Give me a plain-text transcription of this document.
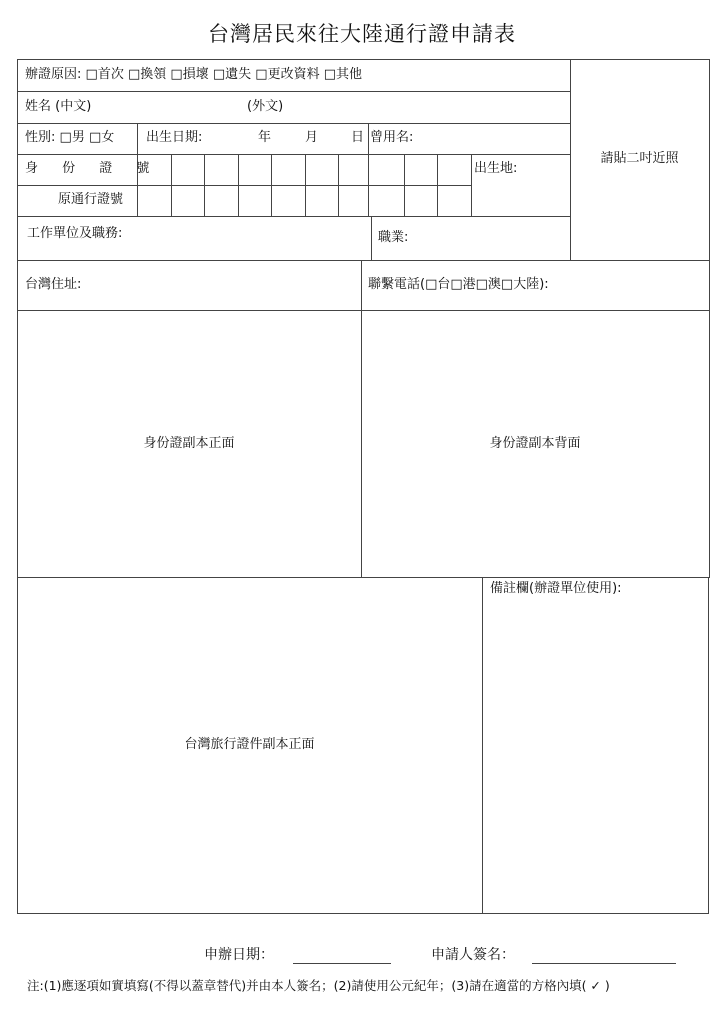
台灣居民來往大陸通行證申請表
辦證原因: □首次 □換領 □損壞 □遺失 □更改資料 □其他
姓名 (中文)	(外文)
性別: □男 □女 出生日期:	年	月	日 曾用名:
身 份 證 號	出生地:
原通行證號
工作單位及職務:	職業:
請貼二吋近照
台灣住址:	聯繫電話(□台□港□澳□大陸):
身份證副本正面	身份證副本背面
台灣旅行證件副本正面
備註欄(辦證單位使用):
申辦日期：	申請人簽名：
注:(1)應逐項如實填寫(不得以蓋章替代)并由本人簽名；(2)請使用公元紀年；(3)請在適當的方格內填( ✓ )
